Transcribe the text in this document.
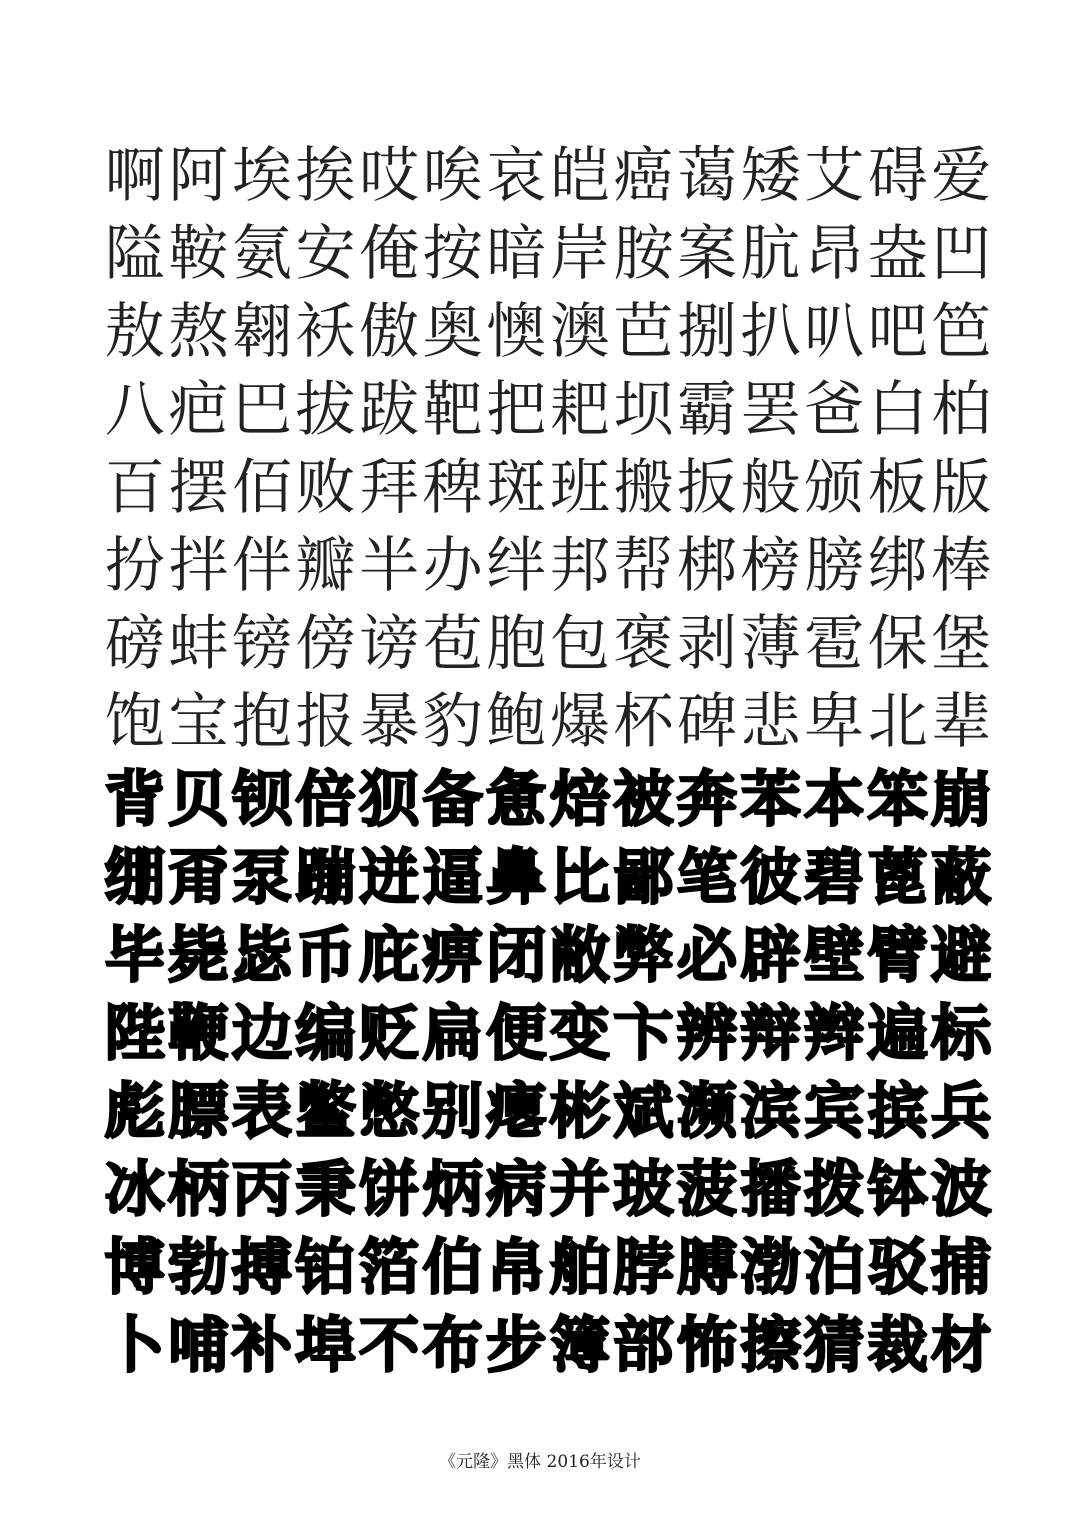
啊 阿 埃 挨 哎 唉 哀 皑 癌 蔼 矮 艾 碍 爱
隘 鞍 氨 安 俺 按 暗 岸 胺 案 肮 昂 盎 凹
敖 熬 翱 袄 傲 奥 懊 澳 芭 捌 扒 叭 吧 笆
八 疤 巴 拔 跋 靶 把 耙 坝 霸 罢 爸 白 柏
百 摆 佰 败 拜 稗 斑 班 搬 扳 般 颁 板 版
扮 拌 伴 瓣 半 办 绊 邦 帮 梆 榜 膀 绑 棒
磅 蚌 镑 傍 谤 苞 胞 包 褒 剥 薄 雹 保 堡
饱 宝 抱 报 暴 豹 鲍 爆 杯 碑 悲 卑 北 辈
背 贝 钡 倍 狈 备 惫 焙 被 奔 苯 本 笨 崩
绷 甭 泵 蹦 迸 逼 鼻 比 鄙 笔 彼 碧 蓖 蔽
毕 毙 毖 币 庇 痹 闭 敝 弊 必 辟 壁 臂 避
陛 鞭 边 编 贬 扁 便 变 卞 辨 辩 辫 遍 标
彪 膘 表 鳖 憋 别 瘪 彬 斌 濒 滨 宾 摈 兵
冰 柄 丙 秉 饼 炳 病 并 玻 菠 播 拨 钵 波
博 勃 搏 铂 箔 伯 帛 舶 脖 膊 渤 泊 驳 捕
卜 哺 补 埠 不 布 步 簿 部 怖 擦 猜 裁 材
《元隆》黑体 2016年设计
